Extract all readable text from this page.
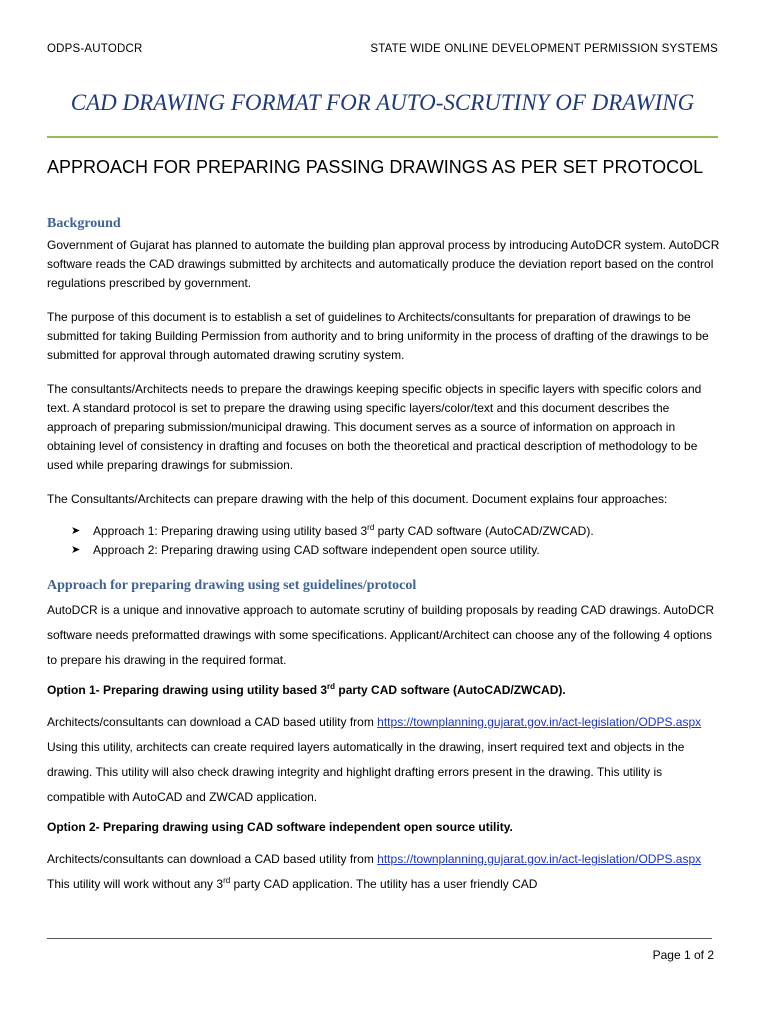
ODPS-AUTODCR	STATE WIDE ONLINE DEVELOPMENT PERMISSION SYSTEMS
CAD DRAWING FORMAT FOR AUTO-SCRUTINY OF DRAWING
APPROACH FOR PREPARING PASSING DRAWINGS AS PER SET PROTOCOL
Background

Government of Gujarat has planned to automate the building plan approval process by introducing AutoDCR system. AutoDCR software reads the CAD drawings submitted by architects and automatically produce the deviation report based on the control regulations prescribed by government.

The purpose of this document is to establish a set of guidelines to Architects/consultants for preparation of drawings to be submitted for taking Building Permission from authority and to bring uniformity in the process of drafting of the drawings to be submitted for approval through automated drawing scrutiny system.

The consultants/Architects needs to prepare the drawings keeping specific objects in specific layers with specific colors and text. A standard protocol is set to prepare the drawing using specific layers/color/text and this document describes the approach of preparing submission/municipal drawing. This document serves as a source of information on approach in obtaining level of consistency in drafting and focuses on both the theoretical and practical description of methodology to be used while preparing drawings for submission.

The Consultants/Architects can prepare drawing with the help of this document. Document explains four approaches:

➤ Approach 1: Preparing drawing using utility based 3rd party CAD software (AutoCAD/ZWCAD).
➤ Approach 2: Preparing drawing using CAD software independent open source utility.
Approach for preparing drawing using set guidelines/protocol

AutoDCR is a unique and innovative approach to automate scrutiny of building proposals by reading CAD drawings. AutoDCR software needs preformatted drawings with some specifications. Applicant/Architect can choose any of the following 4 options to prepare his drawing in the required format.

Option 1- Preparing drawing using utility based 3rd party CAD software (AutoCAD/ZWCAD).

Architects/consultants can download a CAD based utility from https://townplanning.gujarat.gov.in/act-legislation/ODPS.aspx Using this utility, architects can create required layers automatically in the drawing, insert required text and objects in the drawing. This utility will also check drawing integrity and highlight drafting errors present in the drawing. This utility is compatible with AutoCAD and ZWCAD application.

Option 2- Preparing drawing using CAD software independent open source utility.

Architects/consultants can download a CAD based utility from https://townplanning.gujarat.gov.in/act-legislation/ODPS.aspx This utility will work without any 3rd party CAD application. The utility has a user friendly CAD

Page 1 of 2
